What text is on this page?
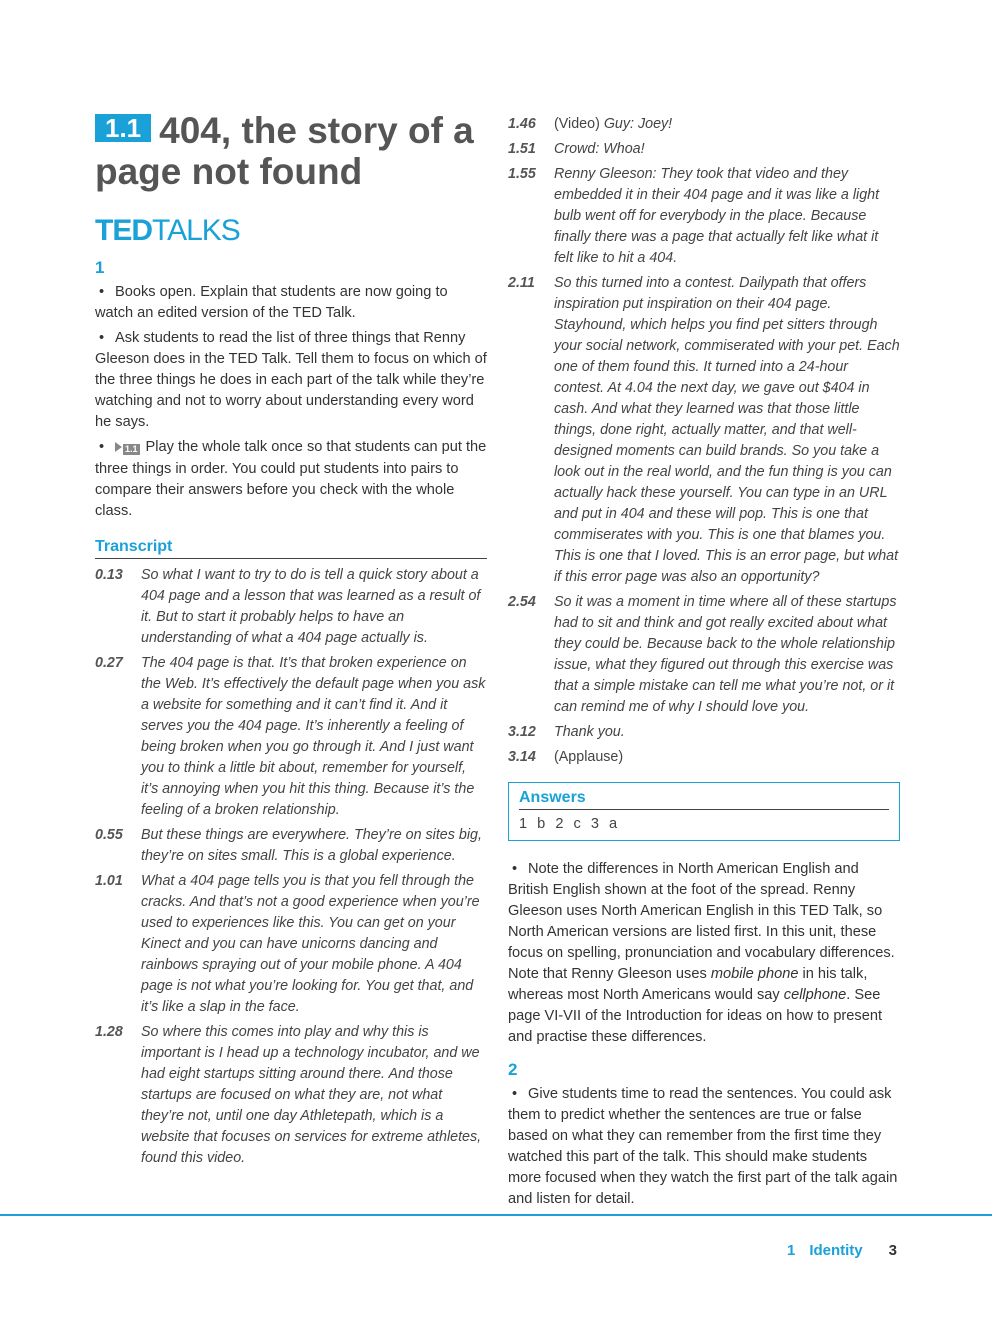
1.1 404, the story of a page not found
TEDTALKS
1

• Books open. Explain that students are now going to watch an edited version of the TED Talk.

• Ask students to read the list of three things that Renny Gleeson does in the TED Talk. Tell them to focus on which of the three things he does in each part of the talk while they’re watching and not to worry about understanding every word he says.

• 1.1 Play the whole talk once so that students can put the three things in order. You could put students into pairs to compare their answers before you check with the whole class.

Transcript
0.13	So what I want to try to do is tell a quick story about a 404 page and a lesson that was learned as a result of it. But to start it probably helps to have an understanding of what a 404 page actually is.
0.27	The 404 page is that. It’s that broken experience on the Web. It’s effectively the default page when you ask a website for something and it can’t find it. And it serves you the 404 page. It’s inherently a feeling of being broken when you go through it. And I just want you to think a little bit about, remember for yourself, it’s annoying when you hit this thing. Because it’s the feeling of a broken relationship.
0.55	But these things are everywhere. They’re on sites big, they’re on sites small. This is a global experience.
1.01	What a 404 page tells you is that you fell through the cracks. And that’s not a good experience when you’re used to experiences like this. You can get on your Kinect and you can have unicorns dancing and rainbows spraying out of your mobile phone. A 404 page is not what you’re looking for. You get that, and it’s like a slap in the face.
1.28	So where this comes into play and why this is important is I head up a technology incubator, and we had eight startups sitting around there. And those startups are focused on what they are, not what they’re not, until one day Athletepath, which is a website that focuses on services for extreme athletes, found this video.
1.46	(Video) Guy: Joey!
1.51	Crowd: Whoa!
1.55	Renny Gleeson: They took that video and they embedded it in their 404 page and it was like a light bulb went off for everybody in the place. Because finally there was a page that actually felt like what it felt like to hit a 404.
2.11	So this turned into a contest. Dailypath that offers inspiration put inspiration on their 404 page. Stayhound, which helps you find pet sitters through your social network, commiserated with your pet. Each one of them found this. It turned into a 24-hour contest. At 4.04 the next day, we gave out $404 in cash. And what they learned was that those little things, done right, actually matter, and that well-designed moments can build brands. So you take a look out in the real world, and the fun thing is you can actually hack these yourself. You can type in an URL and put in 404 and these will pop. This is one that commiserates with you. This is one that blames you. This is one that I loved. This is an error page, but what if this error page was also an opportunity?
2.54	So it was a moment in time where all of these startups had to sit and think and got really excited about what they could be. Because back to the whole relationship issue, what they figured out through this exercise was that a simple mistake can tell me what you’re not, or it can remind me of why I should love you.
3.12	Thank you.
3.14	(Applause)
Answers
1 b 2 c 3 a

• Note the differences in North American English and British English shown at the foot of the spread. Renny Gleeson uses North American English in this TED Talk, so North American versions are listed first. In this unit, these focus on spelling, pronunciation and vocabulary differences. Note that Renny Gleeson uses mobile phone in his talk, whereas most North Americans would say cellphone. See page VI-VII of the Introduction for ideas on how to present and practise these differences.

2

• Give students time to read the sentences. You could ask them to predict whether the sentences are true or false based on what they can remember from the first time they watched this part of the talk. This should make students more focused when they watch the first part of the talk again and listen for detail.

1 Identity 3
